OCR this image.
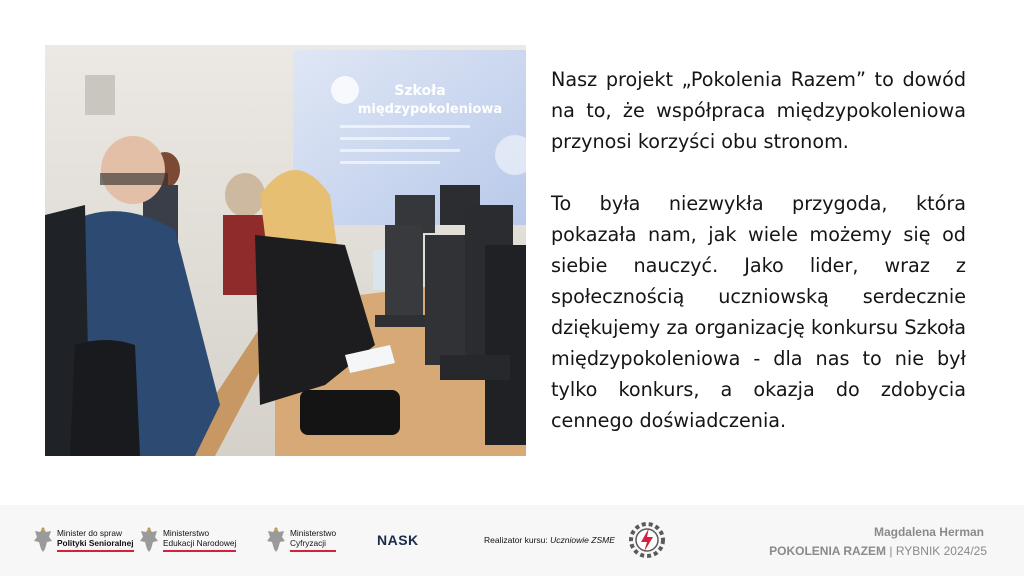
Szkoła
międzypokoleniowa

Nasz projekt „Pokolenia Razem” to dowód na to, że współpraca międzypokoleniowa przynosi korzyści obu stronom.

To była niezwykła przygoda, która pokazała nam, jak wiele możemy się od siebie nauczyć. Jako lider, wraz z społecznością uczniowską serdecznie dziękujemy za organizację konkursu Szkoła międzypokoleniowa - dla nas to nie był tylko konkurs, a okazja do zdobycia cennego doświadczenia.

Minister do spraw
Polityki Senioralnej
Ministerstwo
Edukacji Narodowej
Ministerstwo
Cyfryzacji	NASK	Realizator kursu: Uczniowie ZSME
Magdalena Herman
POKOLENIA RAZEM | RYBNIK 2024/25
